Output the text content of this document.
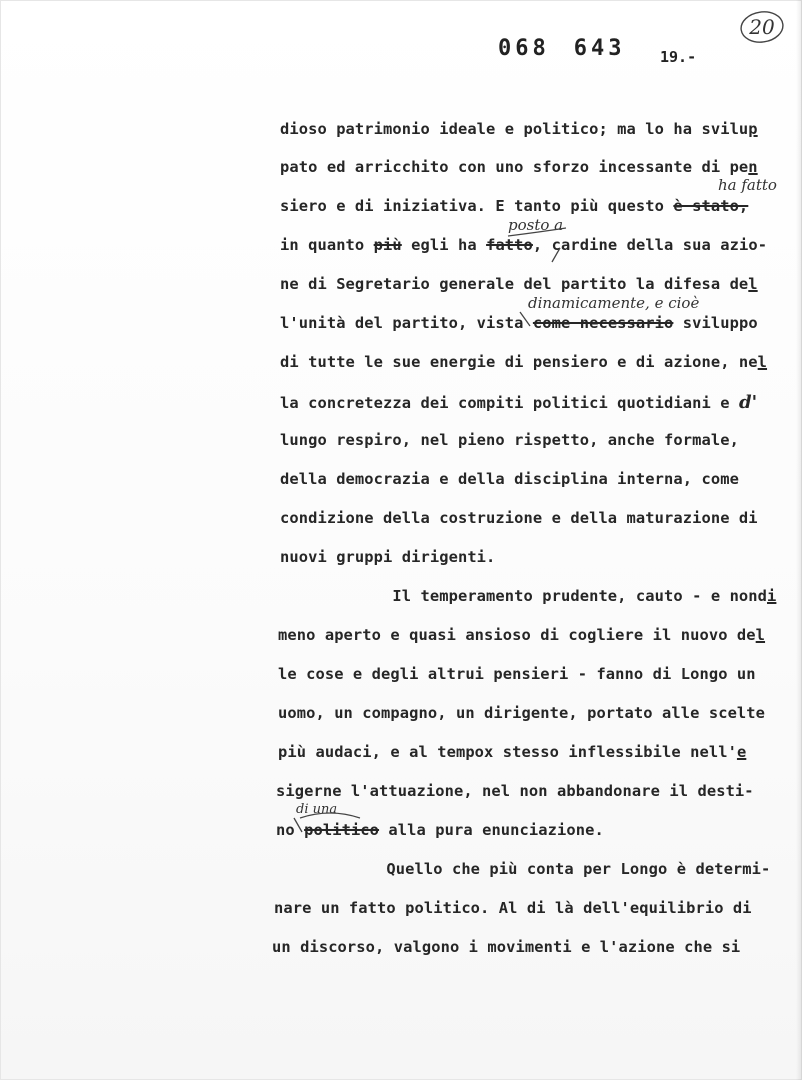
068 643 19.-
20
dioso patrimonio ideale e politico; ma lo ha svilup
pato ed arricchito con uno sforzo incessante di pen
siero e di iniziativa. E tanto più questo è stato,
in quanto più egli ha fatto, cardine della sua azio-
ne di Segretario generale del partito la difesa del
l'unità del partito, vista come necessario sviluppo
di tutte le sue energie di pensiero e di azione, nel
la concretezza dei compiti politici quotidiani e d'
lungo respiro, nel pieno rispetto, anche formale,
della democrazia e della disciplina interna, come
condizione della costruzione e della maturazione di
nuovi gruppi dirigenti.
Il temperamento prudente, cauto - e nondi
meno aperto e quasi ansioso di cogliere il nuovo del
le cose e degli altrui pensieri - fanno di Longo un
uomo, un compagno, un dirigente, portato alle scelte
più audaci, e al tempox stesso inflessibile nell'e
sigerne l'attuazione, nel non abbandonare il desti-
no politico alla pura enunciazione.
Quello che più conta per Longo è determi-
nare un fatto politico. Al di là dell'equilibrio di
un discorso, valgono i movimenti e l'azione che si
ha fatto
posto a
dinamicamente, e cioè
di una
